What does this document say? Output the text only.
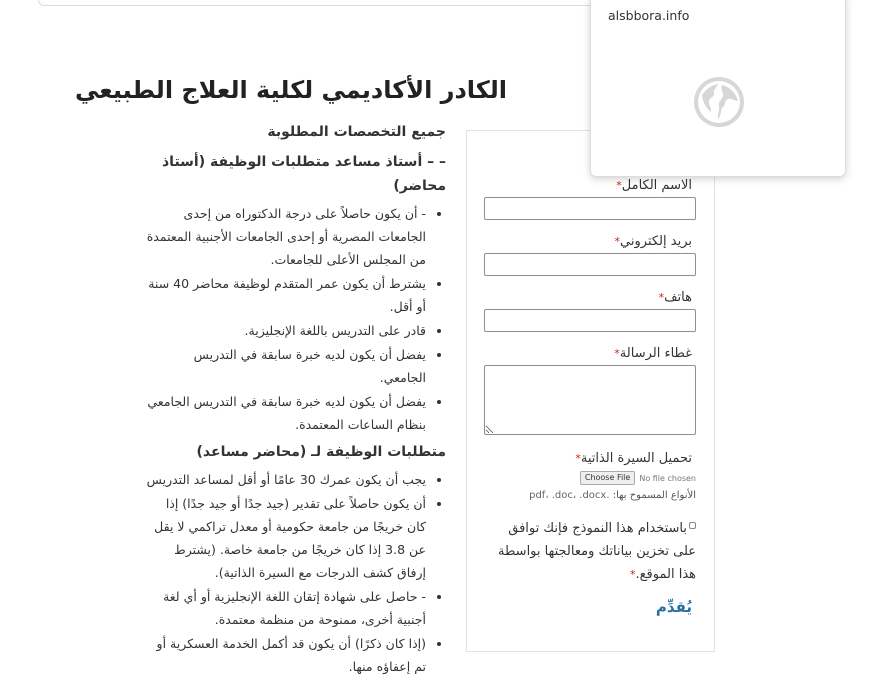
الكادر الأكاديمي لكلية العلاج الطبيعي
جميع التخصصات المطلوبة
– – أستاذ مساعد متطلبات الوظيفة (أستاذ محاضر)
• - أن يكون حاصلاً على درجة الدكتوراه من إحدى الجامعات المصرية أو إحدى الجامعات الأجنبية المعتمدة من المجلس الأعلى للجامعات.
• يشترط أن يكون عمر المتقدم لوظيفة محاضر 40 سنة أو أقل.
• قادر على التدريس باللغة الإنجليزية.
• يفضل أن يكون لديه خبرة سابقة في التدريس الجامعي.
• يفضل أن يكون لديه خبرة سابقة في التدريس الجامعي بنظام الساعات المعتمدة.
متطلبات الوظيفة لـ (محاضر مساعد)
• يجب أن يكون عمرك 30 عامًا أو أقل لمساعد التدريس
• أن يكون حاصلاً على تقدير (جيد جدًا أو جيد جدًا) إذا كان خريجًا من جامعة حكومية أو معدل تراكمي لا يقل عن 3.8 إذا كان خريجًا من جامعة خاصة. (يشترط إرفاق كشف الدرجات مع السيرة الذاتية).
• - حاصل على شهادة إتقان اللغة الإنجليزية أو أي لغة أجنبية أخرى، ممنوحة من منظمة معتمدة.
• (إذا كان ذكرًا) أن يكون قد أكمل الخدمة العسكرية أو تم إعفاؤه منها.
الاسم الكامل*
بريد إلكتروني*
هاتف*
غطاء الرسالة*
تحميل السيرة الذاتية*
Choose File	No file chosen
الأنواع المسموح بها: .pdf، .doc، .docx
باستخدام هذا النموذج فإنك توافق على تخزين بياناتك ومعالجتها بواسطة هذا الموقع.*
يُقدِّم
alsbbora.info
